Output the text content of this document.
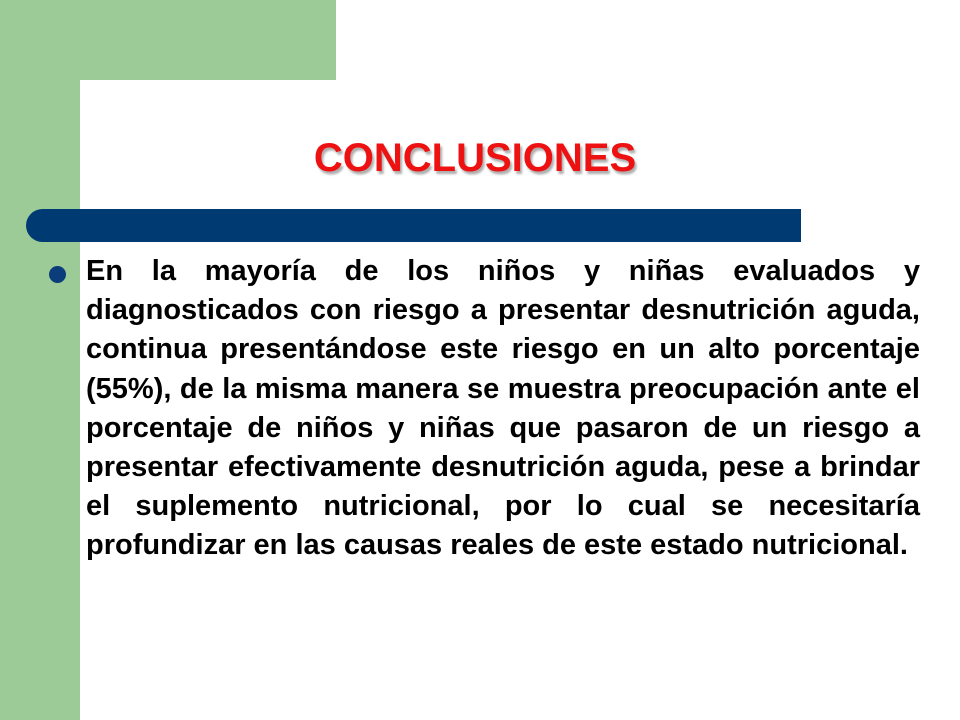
CONCLUSIONES

En la mayoría de los niños y niñas evaluados y diagnosticados con riesgo a presentar desnutrición aguda, continua presentándose este riesgo en un alto porcentaje (55%), de la misma manera se muestra preocupación ante el porcentaje de niños y niñas que pasaron de un riesgo a presentar efectivamente desnutrición aguda, pese a brindar el suplemento nutricional, por lo cual se necesitaría profundizar en las causas reales de este estado nutricional.
